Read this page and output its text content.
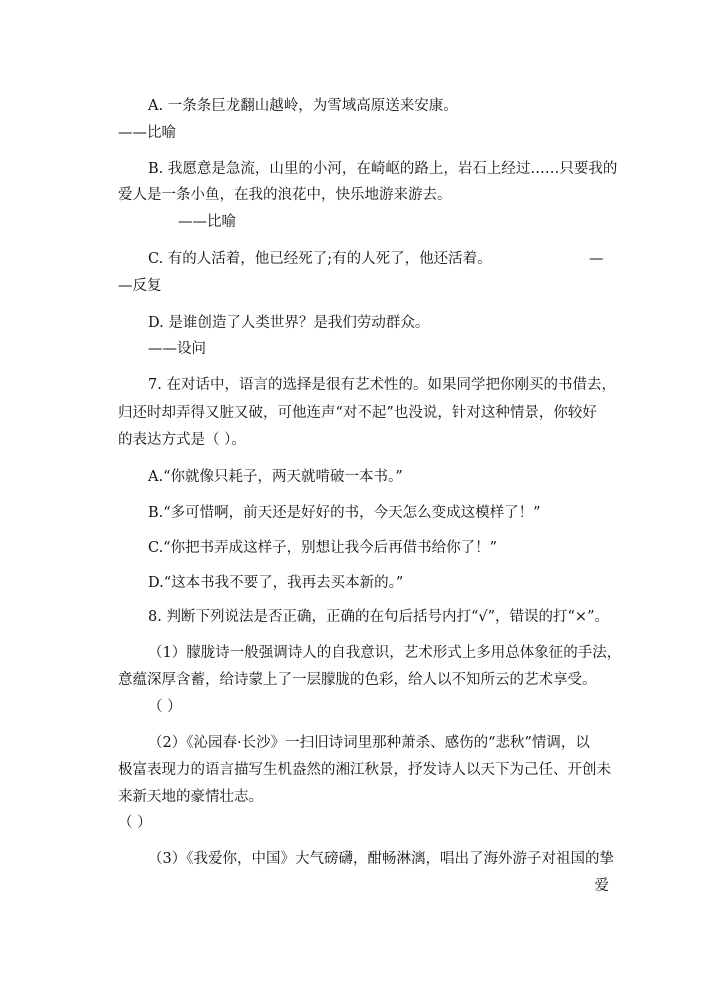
A. 一条条巨龙翻山越岭，为雪域高原送来安康。
——比喻
B. 我愿意是急流，山里的小河，在崎岖的路上，岩石上经过……只要我的
爱人是一条小鱼，在我的浪花中，快乐地游来游去。
——比喻
C. 有的人活着，他已经死了;有的人死了，他还活着。	—
—反复
D. 是谁创造了人类世界？是我们劳动群众。
——设问
7. 在对话中，语言的选择是很有艺术性的。如果同学把你刚买的书借去，
归还时却弄得又脏又破，可他连声“对不起”也没说，针对这种情景，你较好
的表达方式是（ ）。
A.“你就像只耗子，两天就啃破一本书。”
B.“多可惜啊，前天还是好好的书，今天怎么变成这模样了！”
C.“你把书弄成这样子，别想让我今后再借书给你了！”
D.“这本书我不要了，我再去买本新的。”
8. 判断下列说法是否正确，正确的在句后括号内打“√”，错误的打“×”。
（1）朦胧诗一般强调诗人的自我意识，艺术形式上多用总体象征的手法，
意蕴深厚含蓄，给诗蒙上了一层朦胧的色彩，给人以不知所云的艺术享受。
（ ）
（2）《沁园春·长沙》一扫旧诗词里那种萧杀、感伤的“悲秋”情调，以
极富表现力的语言描写生机盎然的湘江秋景，抒发诗人以天下为己任、开创未
来新天地的豪情壮志。
（ ）
（3）《我爱你，中国》大气磅礴，酣畅淋漓，唱出了海外游子对祖国的挚
爱
